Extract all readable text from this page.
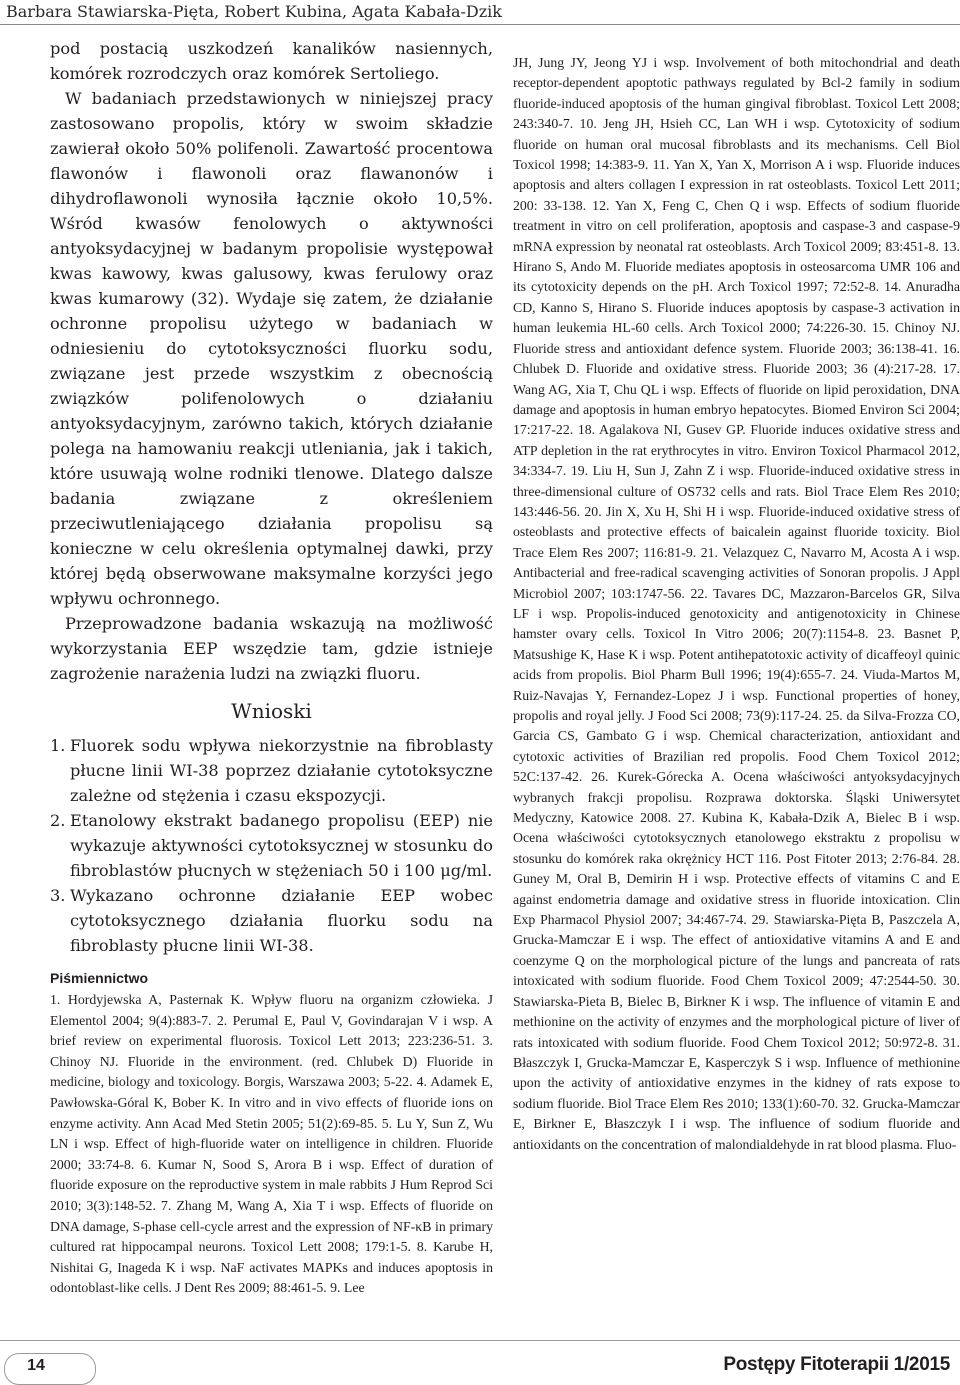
Barbara Stawiarska-Pięta, Robert Kubina, Agata Kabała-Dzik

pod postacią uszkodzeń kanalików nasiennych, komórek rozrodczych oraz komórek Sertoliego.

W badaniach przedstawionych w niniejszej pracy zastosowano propolis, który w swoim składzie zawierał około 50% polifenoli. Zawartość procentowa flawonów i flawonoli oraz flawanonów i dihydroflawonoli wynosiła łącznie około 10,5%. Wśród kwasów fenolowych o aktywności antyoksydacyjnej w badanym propolisie występował kwas kawowy, kwas galusowy, kwas ferulowy oraz kwas kumarowy (32). Wydaje się zatem, że działanie ochronne propolisu użytego w badaniach w odniesieniu do cytotoksyczności fluorku sodu, związane jest przede wszystkim z obecnością związków polifenolowych o działaniu antyoksydacyjnym, zarówno takich, których działanie polega na hamowaniu reakcji utleniania, jak i takich, które usuwają wolne rodniki tlenowe. Dlatego dalsze badania związane z określeniem przeciwutleniającego działania propolisu są konieczne w celu określenia optymalnej dawki, przy której będą obserwowane maksymalne korzyści jego wpływu ochronnego.

Przeprowadzone badania wskazują na możliwość wykorzystania EEP wszędzie tam, gdzie istnieje zagrożenie narażenia ludzi na związki fluoru.

Wnioski
1. Fluorek sodu wpływa niekorzystnie na fibroblasty płucne linii WI-38 poprzez działanie cytotoksyczne zależne od stężenia i czasu ekspozycji.
2. Etanolowy ekstrakt badanego propolisu (EEP) nie wykazuje aktywności cytotoksycznej w stosunku do fibroblastów płucnych w stężeniach 50 i 100 μg/ml.
3. Wykazano ochronne działanie EEP wobec cytotoksycznego działania fluorku sodu na fibroblasty płucne linii WI-38.
Piśmiennictwo

1. Hordyjewska A, Pasternak K. Wpływ fluoru na organizm człowieka. J Elementol 2004; 9(4):883-7. 2. Perumal E, Paul V, Govindarajan V i wsp. A brief review on experimental fluorosis. Toxicol Lett 2013; 223:236-51. 3. Chinoy NJ. Fluoride in the environment. (red. Chlubek D) Fluoride in medicine, biology and toxicology. Borgis, Warszawa 2003; 5-22. 4. Adamek E, Pawłowska-Góral K, Bober K. In vitro and in vivo effects of fluoride ions on enzyme activity. Ann Acad Med Stetin 2005; 51(2):69-85. 5. Lu Y, Sun Z, Wu LN i wsp. Effect of high-fluoride water on intelligence in children. Fluoride 2000; 33:74-8. 6. Kumar N, Sood S, Arora B i wsp. Effect of duration of fluoride exposure on the reproductive system in male rabbits J Hum Reprod Sci 2010; 3(3):148-52. 7. Zhang M, Wang A, Xia T i wsp. Effects of fluoride on DNA damage, S-phase cell-cycle arrest and the expression of NF-κB in primary cultured rat hippocampal neurons. Toxicol Lett 2008; 179:1-5. 8. Karube H, Nishitai G, Inageda K i wsp. NaF activates MAPKs and induces apoptosis in odontoblast-like cells. J Dent Res 2009; 88:461-5. 9. Lee

JH, Jung JY, Jeong YJ i wsp. Involvement of both mitochondrial and death receptor-dependent apoptotic pathways regulated by Bcl-2 family in sodium fluoride-induced apoptosis of the human gingival fibroblast. Toxicol Lett 2008; 243:340-7. 10. Jeng JH, Hsieh CC, Lan WH i wsp. Cytotoxicity of sodium fluoride on human oral mucosal fibroblasts and its mechanisms. Cell Biol Toxicol 1998; 14:383-9. 11. Yan X, Yan X, Morrison A i wsp. Fluoride induces apoptosis and alters collagen I expression in rat osteoblasts. Toxicol Lett 2011; 200: 33-138. 12. Yan X, Feng C, Chen Q i wsp. Effects of sodium fluoride treatment in vitro on cell proliferation, apoptosis and caspase-3 and caspase-9 mRNA expression by neonatal rat osteoblasts. Arch Toxicol 2009; 83:451-8. 13. Hirano S, Ando M. Fluoride mediates apoptosis in osteosarcoma UMR 106 and its cytotoxicity depends on the pH. Arch Toxicol 1997; 72:52-8. 14. Anuradha CD, Kanno S, Hirano S. Fluoride induces apoptosis by caspase-3 activation in human leukemia HL-60 cells. Arch Toxicol 2000; 74:226-30. 15. Chinoy NJ. Fluoride stress and antioxidant defence system. Fluoride 2003; 36:138-41. 16. Chlubek D. Fluoride and oxidative stress. Fluoride 2003; 36 (4):217-28. 17. Wang AG, Xia T, Chu QL i wsp. Effects of fluoride on lipid peroxidation, DNA damage and apoptosis in human embryo hepatocytes. Biomed Environ Sci 2004; 17:217-22. 18. Agalakova NI, Gusev GP. Fluoride induces oxidative stress and ATP depletion in the rat erythrocytes in vitro. Environ Toxicol Pharmacol 2012, 34:334-7. 19. Liu H, Sun J, Zahn Z i wsp. Fluoride-induced oxidative stress in three-dimensional culture of OS732 cells and rats. Biol Trace Elem Res 2010; 143:446-56. 20. Jin X, Xu H, Shi H i wsp. Fluoride-induced oxidative stress of osteoblasts and protective effects of baicalein against fluoride toxicity. Biol Trace Elem Res 2007; 116:81-9. 21. Velazquez C, Navarro M, Acosta A i wsp. Antibacterial and free-radical scavenging activities of Sonoran propolis. J Appl Microbiol 2007; 103:1747-56. 22. Tavares DC, Mazzaron-Barcelos GR, Silva LF i wsp. Propolis-induced genotoxicity and antigenotoxicity in Chinese hamster ovary cells. Toxicol In Vitro 2006; 20(7):1154-8. 23. Basnet P, Matsushige K, Hase K i wsp. Potent antihepatotoxic activity of dicaffeoyl quinic acids from propolis. Biol Pharm Bull 1996; 19(4):655-7. 24. Viuda-Martos M, Ruiz-Navajas Y, Fernandez-Lopez J i wsp. Functional properties of honey, propolis and royal jelly. J Food Sci 2008; 73(9):117-24. 25. da Silva-Frozza CO, Garcia CS, Gambato G i wsp. Chemical characterization, antioxidant and cytotoxic activities of Brazilian red propolis. Food Chem Toxicol 2012; 52C:137-42. 26. Kurek-Górecka A. Ocena właściwości antyoksydacyjnych wybranych frakcji propolisu. Rozprawa doktorska. Śląski Uniwersytet Medyczny, Katowice 2008. 27. Kubina K, Kabała-Dzik A, Bielec B i wsp. Ocena właściwości cytotoksycznych etanolowego ekstraktu z propolisu w stosunku do komórek raka okrężnicy HCT 116. Post Fitoter 2013; 2:76-84. 28. Guney M, Oral B, Demirin H i wsp. Protective effects of vitamins C and E against endometria damage and oxidative stress in fluoride intoxication. Clin Exp Pharmacol Physiol 2007; 34:467-74. 29. Stawiarska-Pięta B, Paszczela A, Grucka-Mamczar E i wsp. The effect of antioxidative vitamins A and E and coenzyme Q on the morphological picture of the lungs and pancreata of rats intoxicated with sodium fluoride. Food Chem Toxicol 2009; 47:2544-50. 30. Stawiarska-Pieta B, Bielec B, Birkner K i wsp. The influence of vitamin E and methionine on the activity of enzymes and the morphological picture of liver of rats intoxicated with sodium fluoride. Food Chem Toxicol 2012; 50:972-8. 31. Błaszczyk I, Grucka-Mamczar E, Kasperczyk S i wsp. Influence of methionine upon the activity of antioxidative enzymes in the kidney of rats expose to sodium fluoride. Biol Trace Elem Res 2010; 133(1):60-70. 32. Grucka-Mamczar E, Birkner E, Błaszczyk I i wsp. The influence of sodium fluoride and antioxidants on the concentration of malondialdehyde in rat blood plasma. Fluo-

14	Postępy Fitoterapii 1/2015
